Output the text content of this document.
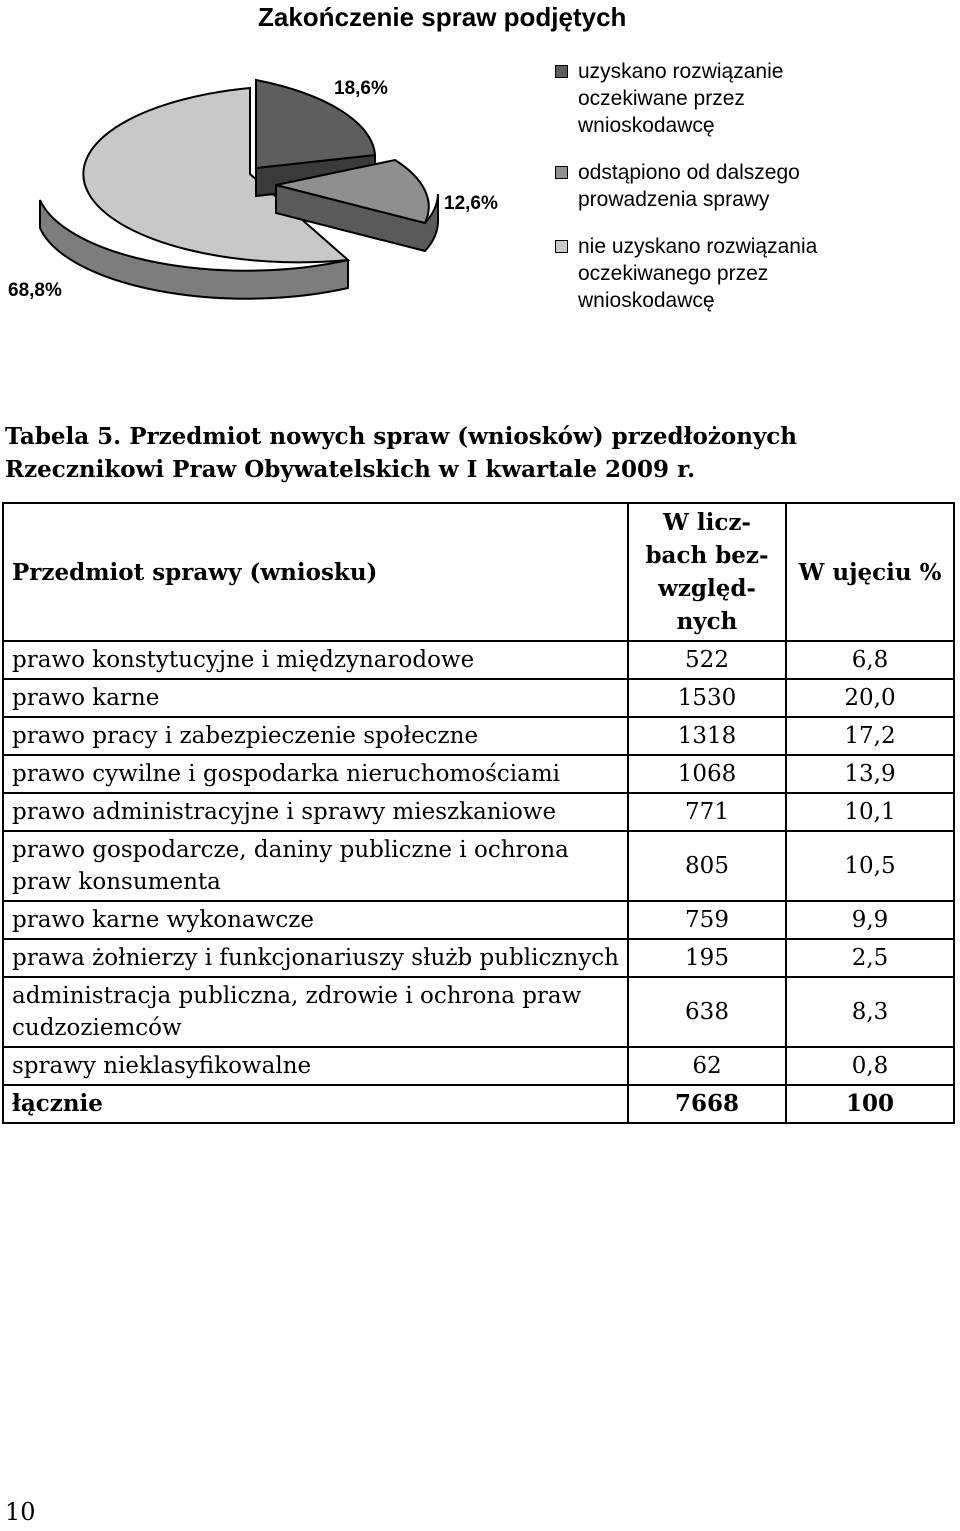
Zakończenie spraw podjętych
18,6%
12,6%
68,8%
uzyskano rozwiązanie oczekiwane przez wnioskodawcę
odstąpiono od dalszego prowadzenia sprawy
nie uzyskano rozwiązania oczekiwanego przez wnioskodawcę
Tabela 5. Przedmiot nowych spraw (wniosków) przedłożonych Rzecznikowi Praw Obywatelskich w I kwartale 2009 r.
Przedmiot sprawy (wniosku)	W licz-bach bez-względ-nych	W ujęciu %
prawo konstytucyjne i międzynarodowe	522	6,8
prawo karne	1530	20,0
prawo pracy i zabezpieczenie społeczne	1318	17,2
prawo cywilne i gospodarka nieruchomościami	1068	13,9
prawo administracyjne i sprawy mieszkaniowe	771	10,1
prawo gospodarcze, daniny publiczne i ochrona praw konsumenta	805	10,5
prawo karne wykonawcze	759	9,9
prawa żołnierzy i funkcjonariuszy służb publicznych	195	2,5
administracja publiczna, zdrowie i ochrona praw cudzoziemców	638	8,3
sprawy nieklasyfikowalne	62	0,8
łącznie	7668	100
10
